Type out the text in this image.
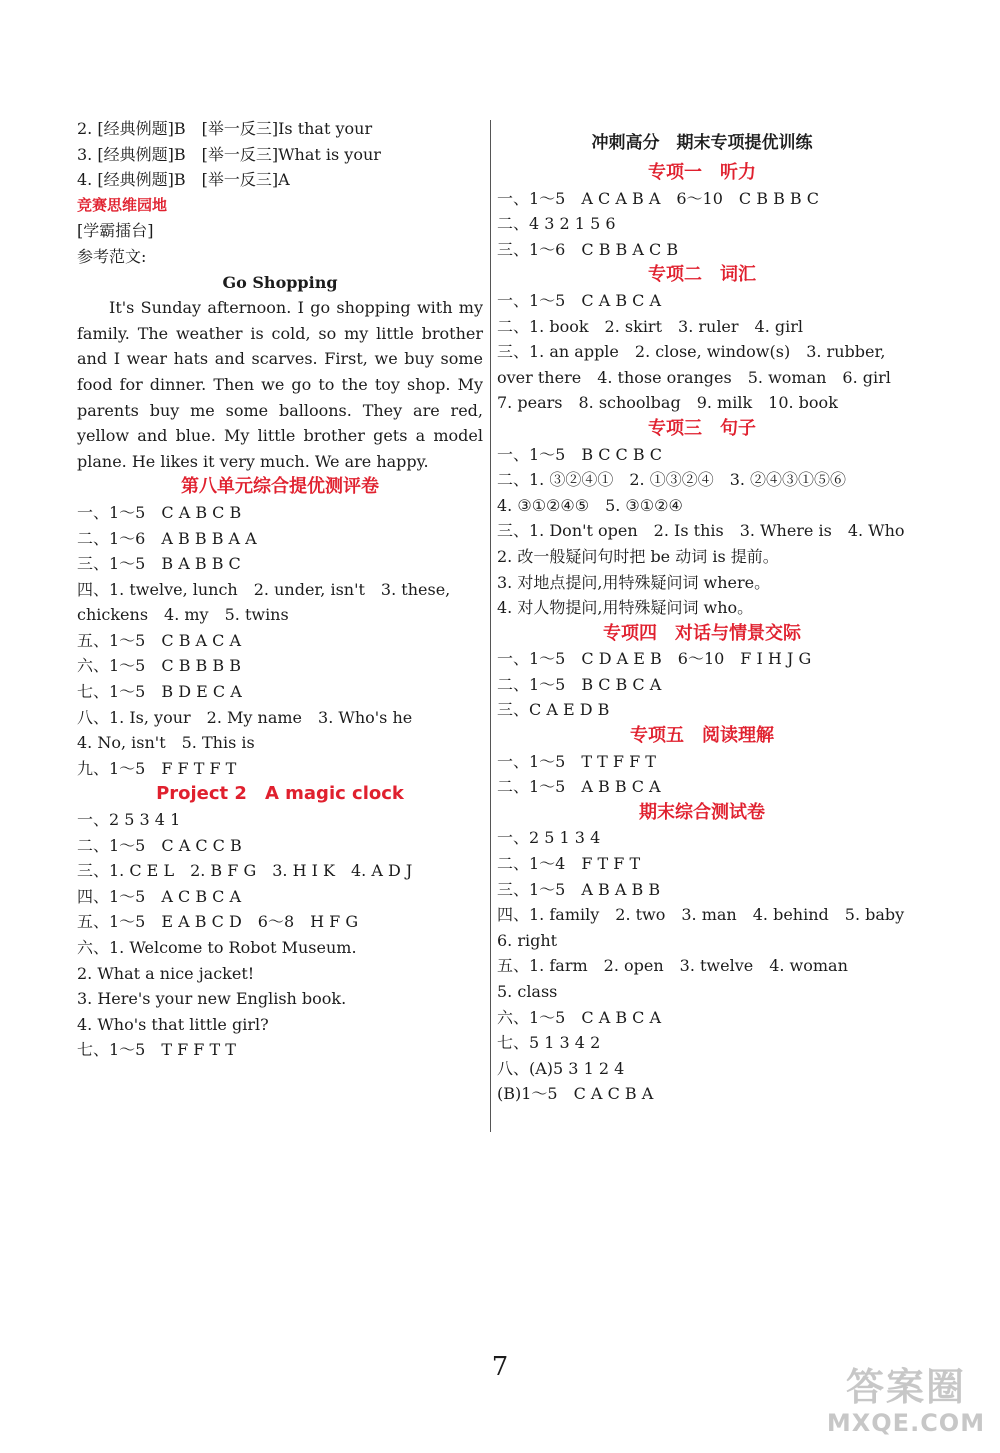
2. [经典例题]B　[举一反三]Is that your
3. [经典例题]B　[举一反三]What is your
4. [经典例题]B　[举一反三]A
竞赛思维园地
[学霸擂台]
参考范文:
Go Shopping

It's Sunday afternoon. I go shopping with my family. The weather is cold, so my little brother and I wear hats and scarves. First, we buy some food for dinner. Then we go to the toy shop. My parents buy me some balloons. They are red, yellow and blue. My little brother gets a model plane. He likes it very much. We are happy.

第八单元综合提优测评卷
一、1～5　C A B C B
二、1～6　A B B B A A
三、1～5　B A B B C
四、1. twelve, lunch　2. under, isn't　3. these,
chickens　4. my　5. twins
五、1～5　C B A C A
六、1～5　C B B B B
七、1～5　B D E C A
八、1. Is, your　2. My name　3. Who's he
4. No, isn't　5. This is
九、1～5　F F T F T
Project 2　A magic clock
一、2 5 3 4 1
二、1～5　C A C C B
三、1. C E L　2. B F G　3. H I K　4. A D J
四、1～5　A C B C A
五、1～5　E A B C D　6～8　H F G
六、1. Welcome to Robot Museum.
2. What a nice jacket!
3. Here's your new English book.
4. Who's that little girl?
七、1～5　T F F T T
冲刺高分　期末专项提优训练
专项一　听力
一、1～5　A C A B A　6～10　C B B B C
二、4 3 2 1 5 6
三、1～6　C B B A C B
专项二　词汇
一、1～5　C A B C A
二、1. book　2. skirt　3. ruler　4. girl
三、1. an apple　2. close, window(s)　3. rubber,
over there　4. those oranges　5. woman　6. girl
7. pears　8. schoolbag　9. milk　10. book
专项三　句子
一、1～5　B C C B C
二、1. ③②④①　2. ①③②④　3. ②④③①⑤⑥
4. ③①②④⑤　5. ③①②④
三、1. Don't open　2. Is this　3. Where is　4. Who
2. 改一般疑问句时把 be 动词 is 提前。
3. 对地点提问,用特殊疑问词 where。
4. 对人物提问,用特殊疑问词 who。
专项四　对话与情景交际
一、1～5　C D A E B　6～10　F I H J G
二、1～5　B C B C A
三、C A E D B
专项五　阅读理解
一、1～5　T T F F T
二、1～5　A B B C A
期末综合测试卷
一、2 5 1 3 4
二、1～4　F T F T
三、1～5　A B A B B
四、1. family　2. two　3. man　4. behind　5. baby
6. right
五、1. farm　2. open　3. twelve　4. woman
5. class
六、1～5　C A B C A
七、5 1 3 4 2
八、(A)5 3 1 2 4
(B)1～5　C A C B A
7	答案圈
MXQE.COM
